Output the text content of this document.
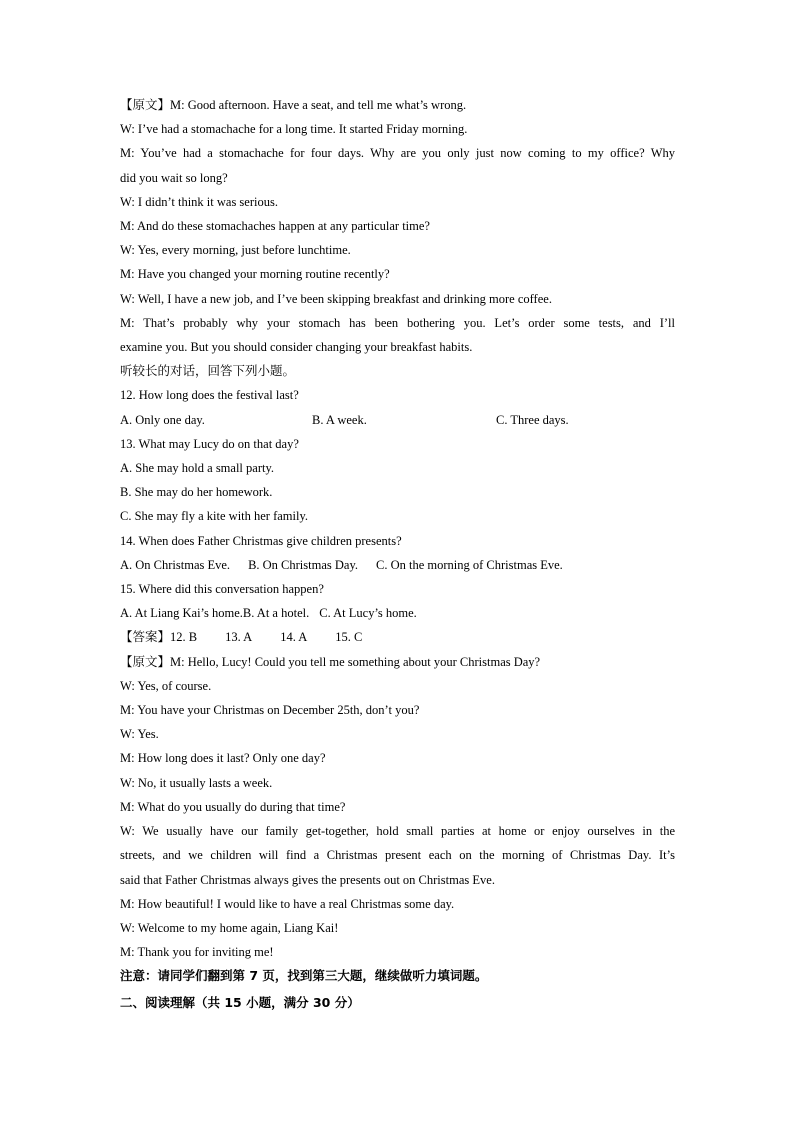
【原文】M: Good afternoon. Have a seat, and tell me what’s wrong.
W: I’ve had a stomachache for a long time. It started Friday morning.
M: You’ve had a stomachache for four days. Why are you only just now coming to my office? Why
did you wait so long?
W: I didn’t think it was serious.
M: And do these stomachaches happen at any particular time?
W: Yes, every morning, just before lunchtime.
M: Have you changed your morning routine recently?
W: Well, I have a new job, and I’ve been skipping breakfast and drinking more coffee.
M: That’s probably why your stomach has been bothering you. Let’s order some tests, and I’ll
examine you. But you should consider changing your breakfast habits.
听较长的对话，回答下列小题。
12. How long does the festival last?
A. Only one day.	B. A week.	C. Three days.
13. What may Lucy do on that day?
A. She may hold a small party.
B. She may do her homework.
C. She may fly a kite with her family.
14. When does Father Christmas give children presents?
A. On Christmas Eve. B. On Christmas Day. C. On the morning of Christmas Eve.
15. Where did this conversation happen?
A. At Liang Kai’s home. B. At a hotel. C. At Lucy’s home.
【答案】12. B 13. A 14. A 15. C
【原文】M: Hello, Lucy! Could you tell me something about your Christmas Day?
W: Yes, of course.
M: You have your Christmas on December 25th, don’t you?
W: Yes.
M: How long does it last? Only one day?
W: No, it usually lasts a week.
M: What do you usually do during that time?
W: We usually have our family get-together, hold small parties at home or enjoy ourselves in the
streets, and we children will find a Christmas present each on the morning of Christmas Day. It’s
said that Father Christmas always gives the presents out on Christmas Eve.
M: How beautiful! I would like to have a real Christmas some day.
W: Welcome to my home again, Liang Kai!
M: Thank you for inviting me!
注意：请同学们翻到第 7 页，找到第三大题，继续做听力填词题。
二、阅读理解（共 15 小题，满分 30 分）
